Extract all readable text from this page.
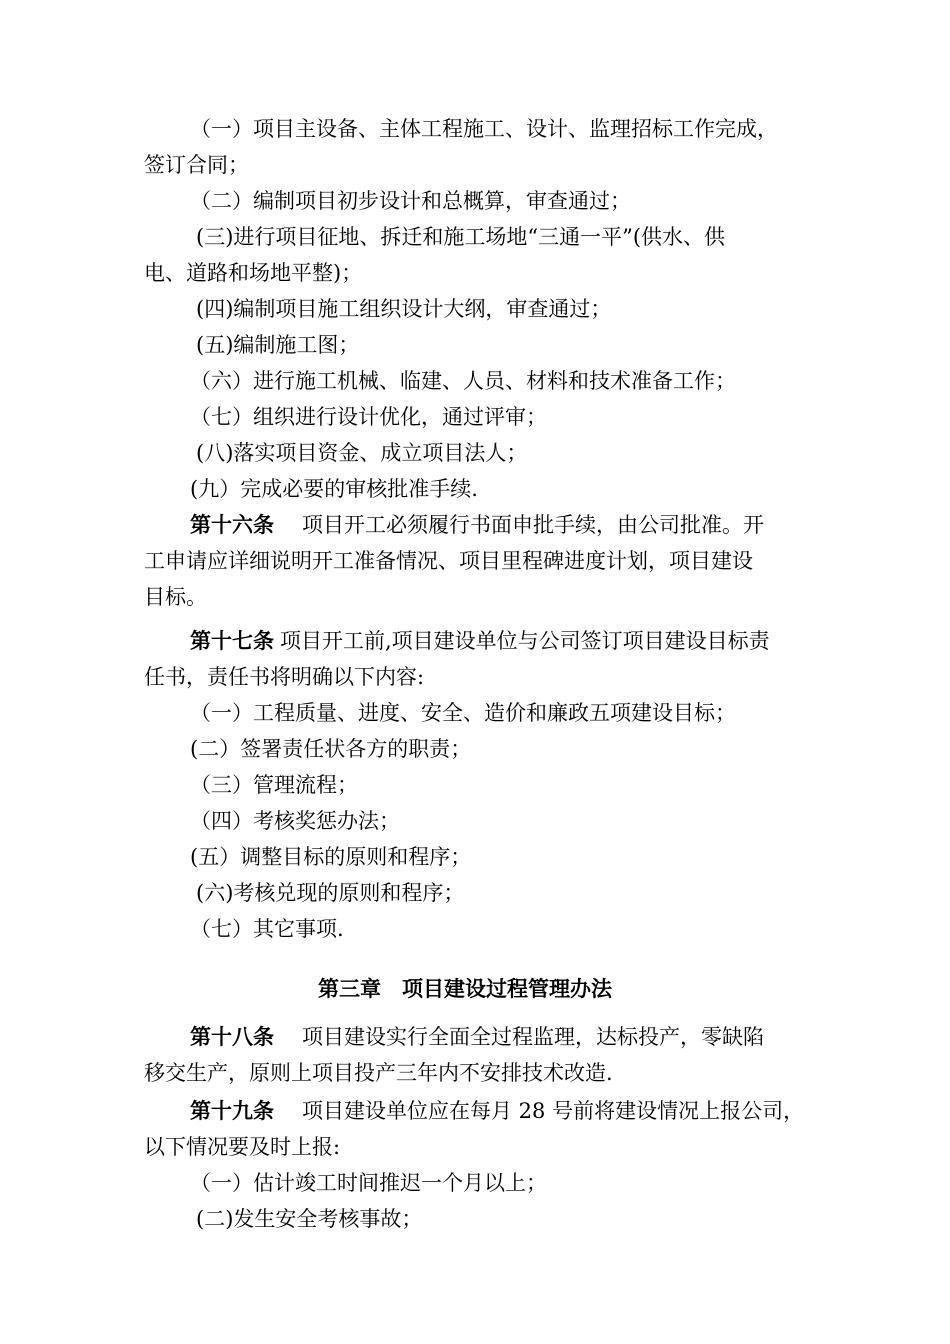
（一）项目主设备、主体工程施工、设计、监理招标工作完成，
签订合同；
（二）编制项目初步设计和总概算，审查通过；
(三)进行项目征地、拆迁和施工场地“三通一平”(供水、供
电、道路和场地平整)；
(四)编制项目施工组织设计大纲，审查通过；
(五)编制施工图；
（六）进行施工机械、临建、人员、材料和技术准备工作；
（七）组织进行设计优化，通过评审；
(八)落实项目资金、成立项目法人；
(九）完成必要的审核批准手续.
第十六条 项目开工必须履行书面申批手续，由公司批准。开
工申请应详细说明开工准备情况、项目里程碑进度计划，项目建设
目标。
第十七条 项目开工前,项目建设单位与公司签订项目建设目标责
任书，责任书将明确以下内容:
（一）工程质量、进度、安全、造价和廉政五项建设目标；
(二）签署责任状各方的职责；
（三）管理流程；
（四）考核奖惩办法；
(五）调整目标的原则和程序；
(六)考核兑现的原则和程序；
（七）其它事项.
第三章　项目建设过程管理办法
第十八条 项目建设实行全面全过程监理，达标投产，零缺陷
移交生产，原则上项目投产三年内不安排技术改造.
第十九条 项目建设单位应在每月 28 号前将建设情况上报公司，
以下情况要及时上报:
（一）估计竣工时间推迟一个月以上；
(二)发生安全考核事故；
